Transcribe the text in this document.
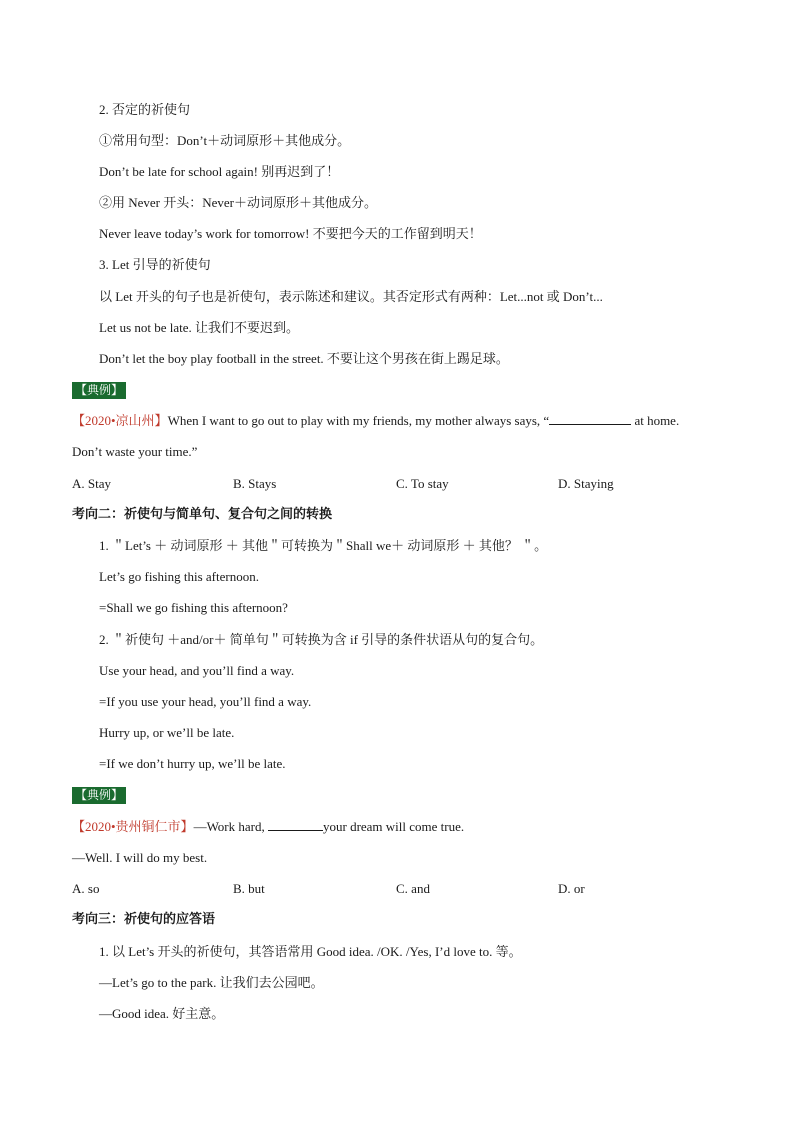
2. 否定的祈使句
①常用句型：Don’t＋动词原形＋其他成分。
Don’t be late for school again! 别再迟到了！
②用 Never 开头：Never＋动词原形＋其他成分。
Never leave today’s work for tomorrow! 不要把今天的工作留到明天！
3. Let 引导的祈使句
以 Let 开头的句子也是祈使句，表示陈述和建议。其否定形式有两种：Let...not 或 Don’t...
Let us not be late. 让我们不要迟到。
Don’t let the boy play football in the street. 不要让这个男孩在街上踢足球。
【典例】
【2020•凉山州】When I want to go out to play with my friends, my mother always says, “	at home.
Don’t waste your time.”
A. Stay	B. Stays	C. To stay	D. Staying
考向二：祈使句与简单句、复合句之间的转换
1. ＂Let’s ＋ 动词原形 ＋ 其他＂可转换为＂Shall we＋ 动词原形 ＋ 其他？ ＂。
Let’s go fishing this afternoon.
=Shall we go fishing this afternoon?
2. ＂祈使句 ＋and/or＋ 简单句＂可转换为含 if 引导的条件状语从句的复合句。
Use your head, and you’ll find a way.
=If you use your head, you’ll find a way.
Hurry up, or we’ll be late.
=If we don’t hurry up, we’ll be late.
【典例】
【2020•贵州铜仁市】—Work hard,	your dream will come true.
—Well. I will do my best.
A. so	B. but	C. and	D. or
考向三：祈使句的应答语
1. 以 Let’s 开头的祈使句，其答语常用 Good idea. /OK. /Yes, I’d love to. 等。
—Let’s go to the park. 让我们去公园吧。
—Good idea. 好主意。
